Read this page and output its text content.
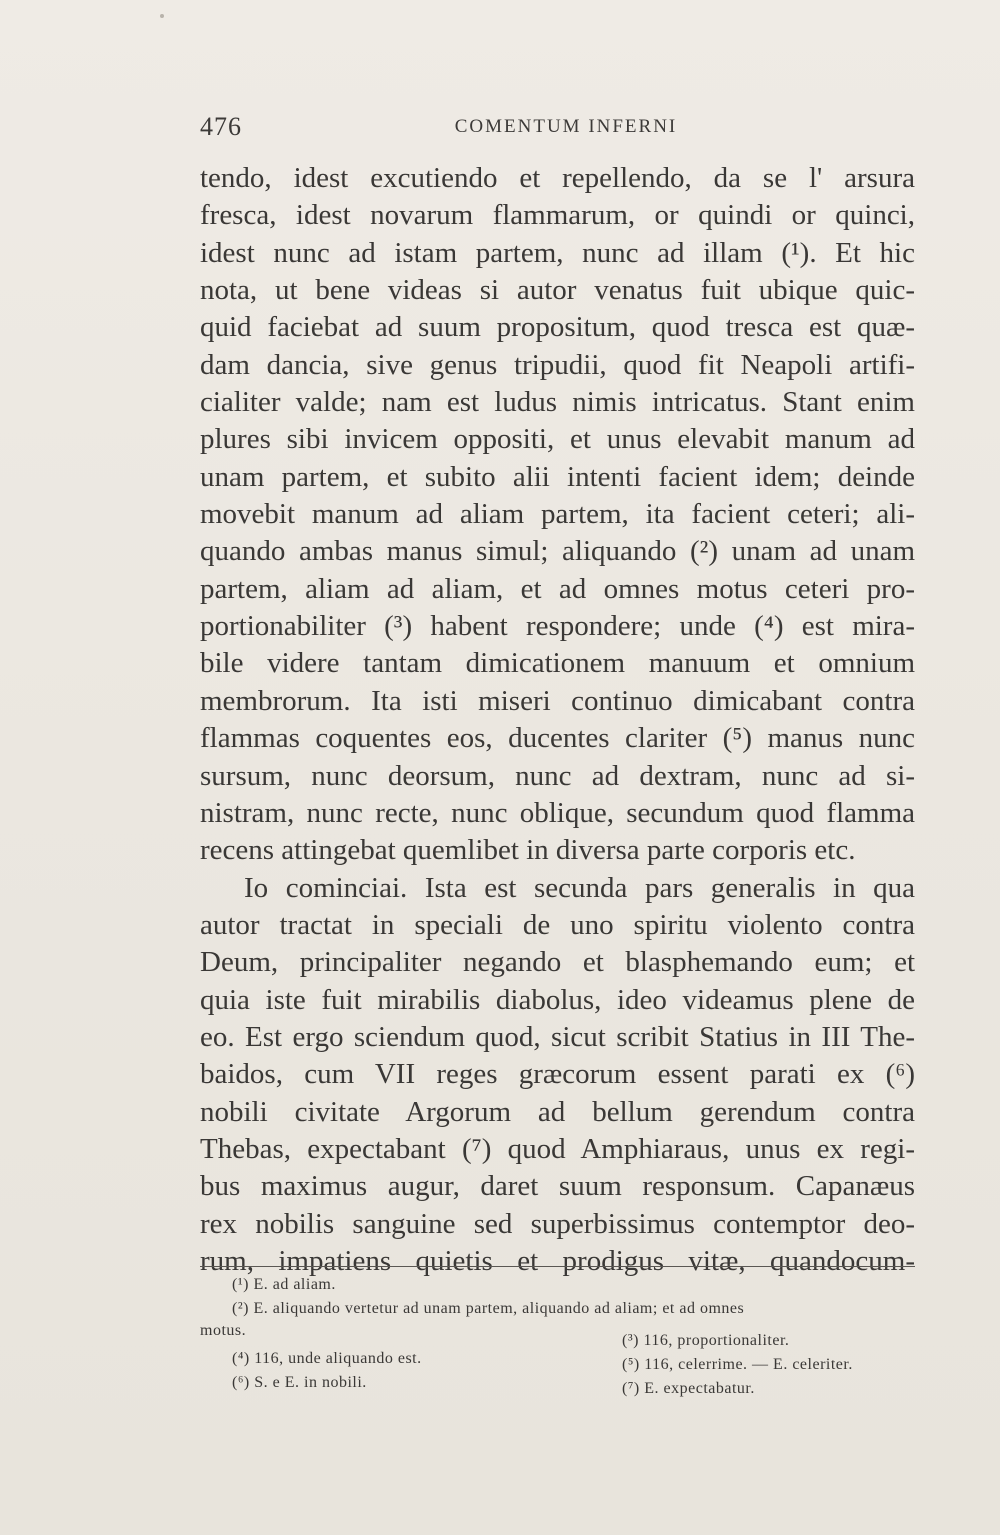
476	COMENTUM INFERNI
tendo, idest excutiendo et repellendo, da se l' arsura
fresca, idest novarum flammarum, or quindi or quinci,
idest nunc ad istam partem, nunc ad illam (¹). Et hic
nota, ut bene videas si autor venatus fuit ubique quic-
quid faciebat ad suum propositum, quod tresca est quæ-
dam dancia, sive genus tripudii, quod fit Neapoli artifi-
cialiter valde; nam est ludus nimis intricatus. Stant enim
plures sibi invicem oppositi, et unus elevabit manum ad
unam partem, et subito alii intenti facient idem; deinde
movebit manum ad aliam partem, ita facient ceteri; ali-
quando ambas manus simul; aliquando (²) unam ad unam
partem, aliam ad aliam, et ad omnes motus ceteri pro-
portionabiliter (³) habent respondere; unde (⁴) est mira-
bile videre tantam dimicationem manuum et omnium
membrorum. Ita isti miseri continuo dimicabant contra
flammas coquentes eos, ducentes clariter (⁵) manus nunc
sursum, nunc deorsum, nunc ad dextram, nunc ad si-
nistram, nunc recte, nunc oblique, secundum quod flamma
recens attingebat quemlibet in diversa parte corporis etc.
Io cominciai. Ista est secunda pars generalis in qua
autor tractat in speciali de uno spiritu violento contra
Deum, principaliter negando et blasphemando eum; et
quia iste fuit mirabilis diabolus, ideo videamus plene de
eo. Est ergo sciendum quod, sicut scribit Statius in III The-
baidos, cum VII reges græcorum essent parati ex (⁶)
nobili civitate Argorum ad bellum gerendum contra
Thebas, expectabant (⁷) quod Amphiaraus, unus ex regi-
bus maximus augur, daret suum responsum. Capanæus
rex nobilis sanguine sed superbissimus contemptor deo-
rum, impatiens quietis et prodigus vitæ, quandocum-
(¹) E. ad aliam.
(²) E. aliquando vertetur ad unam partem, aliquando ad aliam; et ad omnes
motus.
(³) 116, proportionaliter.
(⁴) 116, unde aliquando est.	(⁵) 116, celerrime. — E. celeriter.
(⁶) S. e E. in nobili.	(⁷) E. expectabatur.
